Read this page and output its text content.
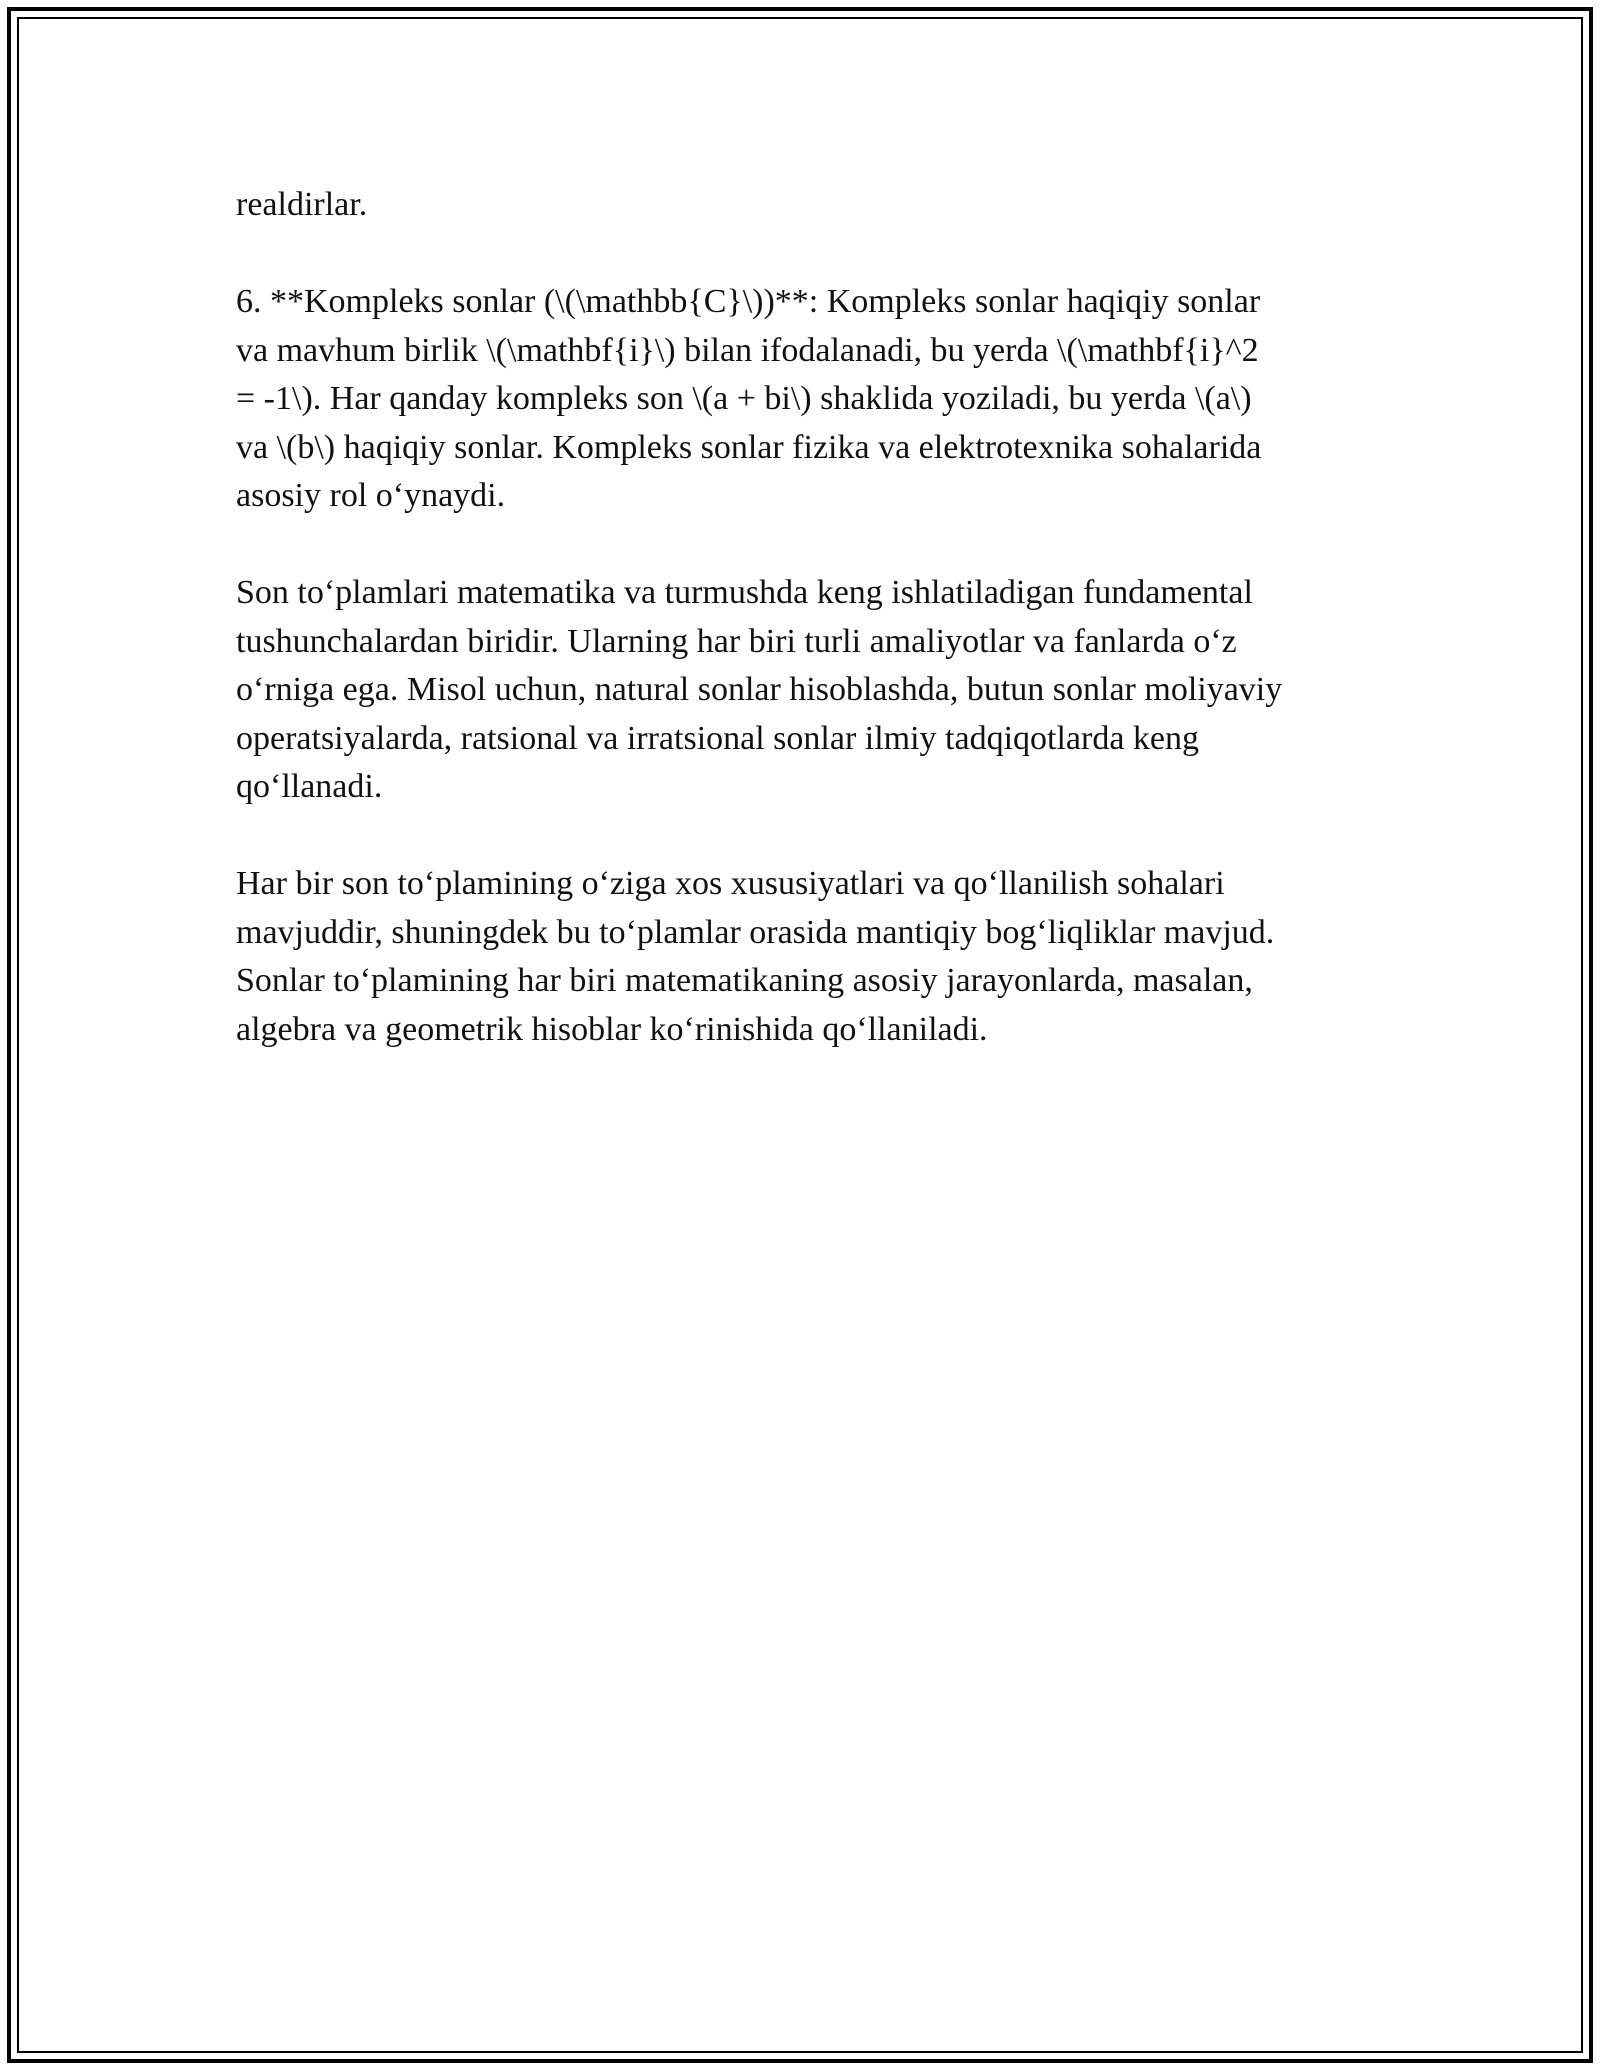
realdirlar.

6. **Kompleks sonlar (\(\mathbb{C}\))**: Kompleks sonlar haqiqiy sonlar
va mavhum birlik \(\mathbf{i}\) bilan ifodalanadi, bu yerda \(\mathbf{i}^2
= -1\). Har qanday kompleks son \(a + bi\) shaklida yoziladi, bu yerda \(a\)
va \(b\) haqiqiy sonlar. Kompleks sonlar fizika va elektrotexnika sohalarida
asosiy rol o‘ynaydi.

Son to‘plamlari matematika va turmushda keng ishlatiladigan fundamental
tushunchalardan biridir. Ularning har biri turli amaliyotlar va fanlarda o‘z
o‘rniga ega. Misol uchun, natural sonlar hisoblashda, butun sonlar moliyaviy
operatsiyalarda, ratsional va irratsional sonlar ilmiy tadqiqotlarda keng
qo‘llanadi.

Har bir son to‘plamining o‘ziga xos xususiyatlari va qo‘llanilish sohalari
mavjuddir, shuningdek bu to‘plamlar orasida mantiqiy bog‘liqliklar mavjud.
Sonlar to‘plamining har biri matematikaning asosiy jarayonlarda, masalan,
algebra va geometrik hisoblar ko‘rinishida qo‘llaniladi.
